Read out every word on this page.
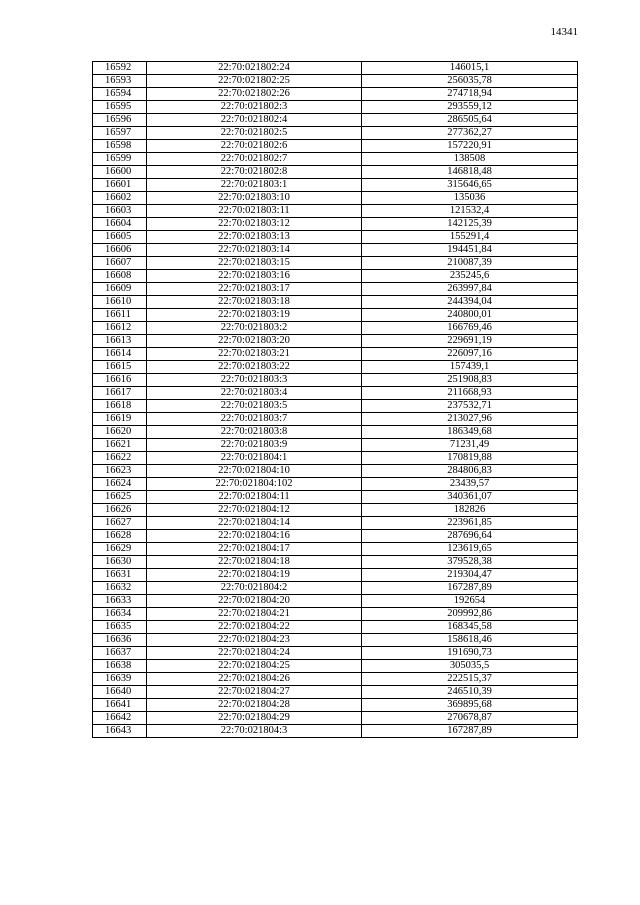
14341
16592	22:70:021802:24	146015,1
16593	22:70:021802:25	256035,78
16594	22:70:021802:26	274718,94
16595	22:70:021802:3	293559,12
16596	22:70:021802:4	286505,64
16597	22:70:021802:5	277362,27
16598	22:70:021802:6	157220,91
16599	22:70:021802:7	138508
16600	22:70:021802:8	146818,48
16601	22:70:021803:1	315646,65
16602	22:70:021803:10	135036
16603	22:70:021803:11	121532,4
16604	22:70:021803:12	142125,39
16605	22:70:021803:13	155291,4
16606	22:70:021803:14	194451,84
16607	22:70:021803:15	210087,39
16608	22:70:021803:16	235245,6
16609	22:70:021803:17	263997,84
16610	22:70:021803:18	244394,04
16611	22:70:021803:19	240800,01
16612	22:70:021803:2	166769,46
16613	22:70:021803:20	229691,19
16614	22:70:021803:21	226097,16
16615	22:70:021803:22	157439,1
16616	22:70:021803:3	251908,83
16617	22:70:021803:4	211668,93
16618	22:70:021803:5	237532,71
16619	22:70:021803:7	213027,96
16620	22:70:021803:8	186349,68
16621	22:70:021803:9	71231,49
16622	22:70:021804:1	170819,88
16623	22:70:021804:10	284806,83
16624	22:70:021804:102	23439,57
16625	22:70:021804:11	340361,07
16626	22:70:021804:12	182826
16627	22:70:021804:14	223961,85
16628	22:70:021804:16	287696,64
16629	22:70:021804:17	123619,65
16630	22:70:021804:18	379528,38
16631	22:70:021804:19	219304,47
16632	22:70:021804:2	167287,89
16633	22:70:021804:20	192654
16634	22:70:021804:21	209992,86
16635	22:70:021804:22	168345,58
16636	22:70:021804:23	158618,46
16637	22:70:021804:24	191690,73
16638	22:70:021804:25	305035,5
16639	22:70:021804:26	222515,37
16640	22:70:021804:27	246510,39
16641	22:70:021804:28	369895,68
16642	22:70:021804:29	270678,87
16643	22:70:021804:3	167287,89
